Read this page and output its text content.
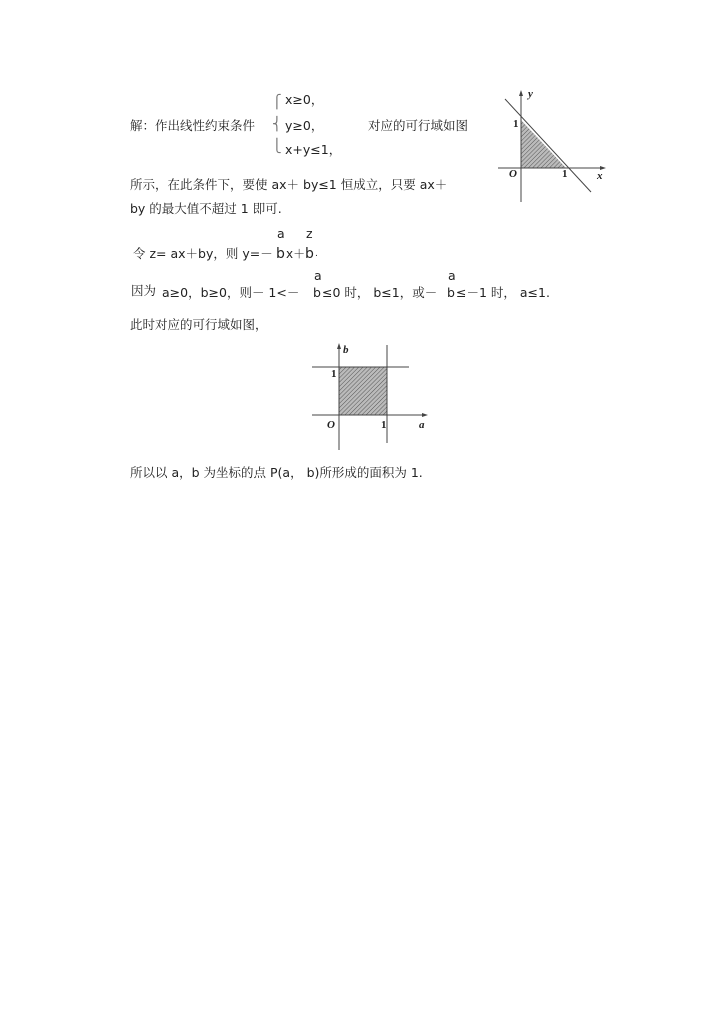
解：作出线性约束条件
⎧
⎨
⎩
x≥0，
y≥0，
x+y≤1，
对应的可行域如图
所示，在此条件下，要使 ax＋ by≤1 恒成立，只要 ax＋
by 的最大值不超过 1 即可.
令 z= ax＋by，则 y=－
a
b x＋
z
b .
因为 a≥0，b≥0，则－ 1<－
a
b ≤0 时， b≤1，或－
a
b ≤－1 时， a≤1.
此时对应的可行域如图，
所以以 a，b 为坐标的点 P(a， b)所形成的面积为 1.
y
x
O	1
1
b
a
O	1
1
